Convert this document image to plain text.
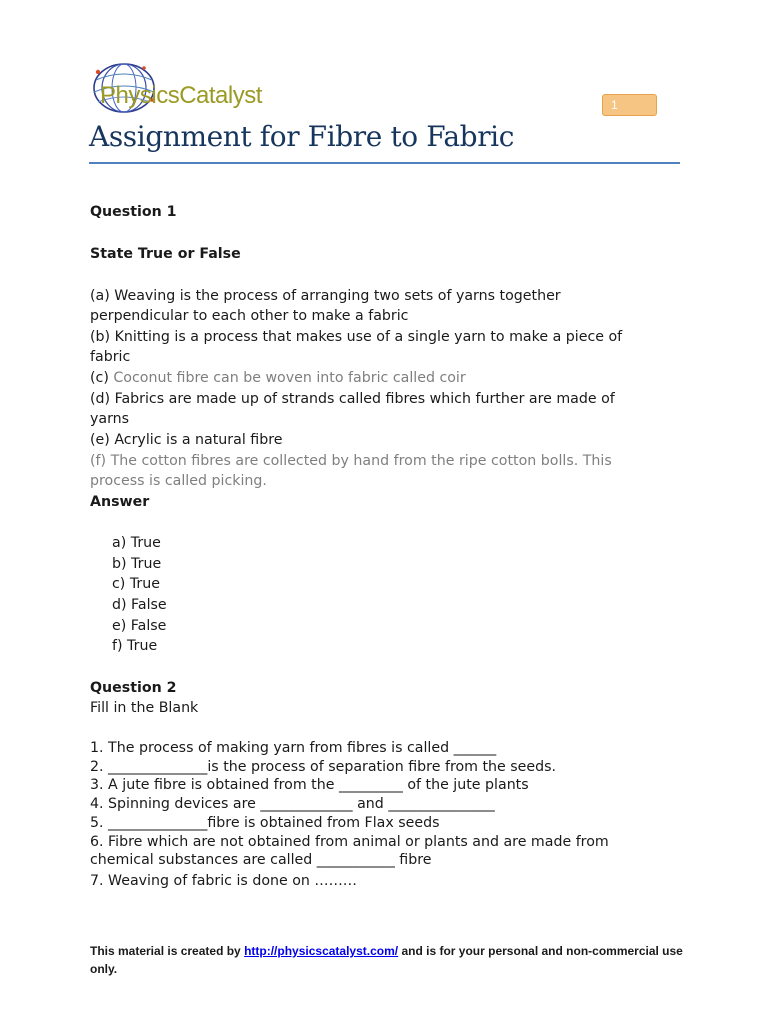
PhysicsCatalyst	1
Assignment for Fibre to Fabric
Question 1
State True or False
(a) Weaving is the process of arranging two sets of yarns together
perpendicular to each other to make a fabric
(b) Knitting is a process that makes use of a single yarn to make a piece of
fabric
(c) Coconut fibre can be woven into fabric called coir
(d) Fabrics are made up of strands called fibres which further are made of
yarns
(e) Acrylic is a natural fibre
(f) The cotton fibres are collected by hand from the ripe cotton bolls. This
process is called picking.
Answer
a) True
b) True
c) True
d) False
e) False
f) True
Question 2
Fill in the Blank
1. The process of making yarn from fibres is called ______
2. ______________is the process of separation fibre from the seeds.
3. A jute fibre is obtained from the _________ of the jute plants
4. Spinning devices are _____________ and _______________
5. ______________fibre is obtained from Flax seeds
6. Fibre which are not obtained from animal or plants and are made from
chemical substances are called ___________ fibre
7. Weaving of fabric is done on ………
This material is created by http://physicscatalyst.com/ and is for your personal and non-commercial use
only.
